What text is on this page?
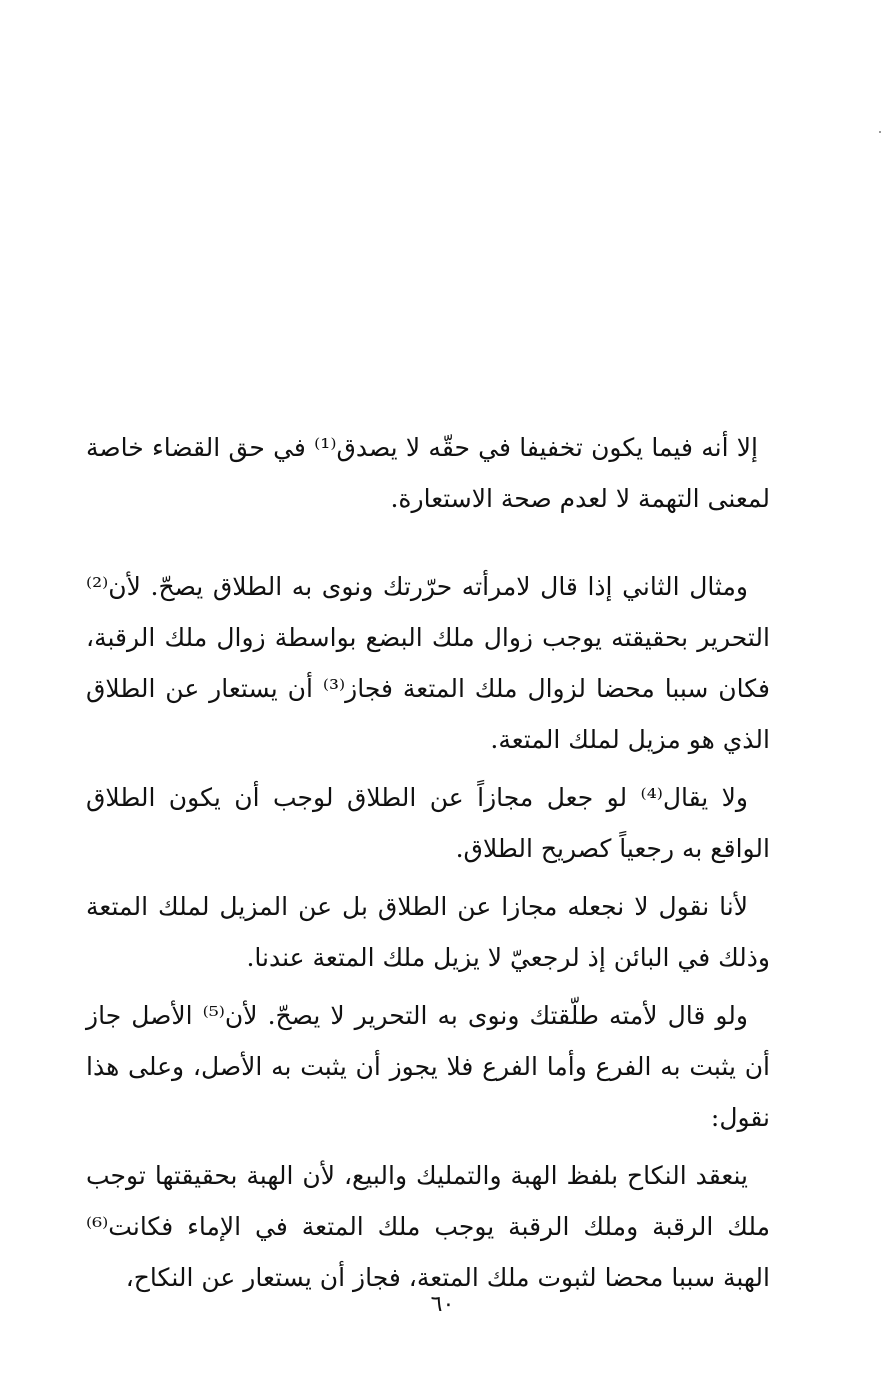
إلا أنه فيما يكون تخفيفا في حقّه لا يصدق⁽¹⁾ في حق القضاء خاصة لمعنى التهمة لا لعدم صحة الاستعارة.

ومثال الثاني إذا قال لامرأته حرّرتك ونوى به الطلاق يصحّ. لأن⁽²⁾ التحرير بحقيقته يوجب زوال ملك البضع بواسطة زوال ملك الرقبة، فكان سببا محضا لزوال ملك المتعة فجاز⁽³⁾ أن يستعار عن الطلاق الذي هو مزيل لملك المتعة.

ولا يقال⁽⁴⁾ لو جعل مجازاً عن الطلاق لوجب أن يكون الطلاق الواقع به رجعياً كصريح الطلاق.

لأنا نقول لا نجعله مجازا عن الطلاق بل عن المزيل لملك المتعة وذلك في البائن إذ لرجعيّ لا يزيل ملك المتعة عندنا.

ولو قال لأمته طلّقتك ونوى به التحرير لا يصحّ. لأن⁽⁵⁾ الأصل جاز أن يثبت به الفرع وأما الفرع فلا يجوز أن يثبت به الأصل، وعلى هذا نقول:

ينعقد النكاح بلفظ الهبة والتمليك والبيع، لأن الهبة بحقيقتها توجب ملك الرقبة وملك الرقبة يوجب ملك المتعة في الإماء فكانت⁽⁶⁾ الهبة سببا محضا لثبوت ملك المتعة، فجاز أن يستعار عن النكاح،

٦٠
